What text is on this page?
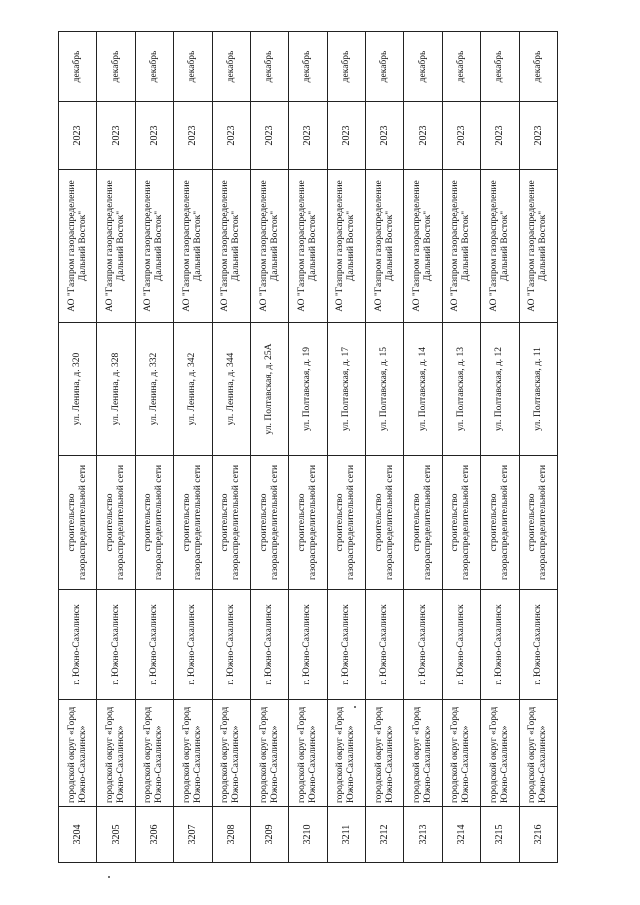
3204	городской округ «Город Южно-Сахалинск»	г. Южно-Сахалинск	строительство газораспределительной сети	ул. Ленина, д. 320	АО "Газпром газораспределение Дальний Восток"	2023	декабрь
3205	городской округ «Город Южно-Сахалинск»	г. Южно-Сахалинск	строительство газораспределительной сети	ул. Ленина, д. 328	АО "Газпром газораспределение Дальний Восток"	2023	декабрь
3206	городской округ «Город Южно-Сахалинск»	г. Южно-Сахалинск	строительство газораспределительной сети	ул. Ленина, д. 332	АО "Газпром газораспределение Дальний Восток"	2023	декабрь
3207	городской округ «Город Южно-Сахалинск»	г. Южно-Сахалинск	строительство газораспределительной сети	ул. Ленина, д. 342	АО "Газпром газораспределение Дальний Восток"	2023	декабрь
3208	городской округ «Город Южно-Сахалинск»	г. Южно-Сахалинск	строительство газораспределительной сети	ул. Ленина, д. 344	АО "Газпром газораспределение Дальний Восток"	2023	декабрь
3209	городской округ «Город Южно-Сахалинск»	г. Южно-Сахалинск	строительство газораспределительной сети	ул. Полтавская, д. 25А	АО "Газпром газораспределение Дальний Восток"	2023	декабрь
3210	городской округ «Город Южно-Сахалинск»	г. Южно-Сахалинск	строительство газораспределительной сети	ул. Полтавская, д. 19	АО "Газпром газораспределение Дальний Восток"	2023	декабрь
3211	городской округ «Город Южно-Сахалинск»	г. Южно-Сахалинск	строительство газораспределительной сети	ул. Полтавская, д. 17	АО "Газпром газораспределение Дальний Восток"	2023	декабрь
3212	городской округ «Город Южно-Сахалинск»	г. Южно-Сахалинск	строительство газораспределительной сети	ул. Полтавская, д. 15	АО "Газпром газораспределение Дальний Восток"	2023	декабрь
3213	городской округ «Город Южно-Сахалинск»	г. Южно-Сахалинск	строительство газораспределительной сети	ул. Полтавская, д. 14	АО "Газпром газораспределение Дальний Восток"	2023	декабрь
3214	городской округ «Город Южно-Сахалинск»	г. Южно-Сахалинск	строительство газораспределительной сети	ул. Полтавская, д. 13	АО "Газпром газораспределение Дальний Восток"	2023	декабрь
3215	городской округ «Город Южно-Сахалинск»	г. Южно-Сахалинск	строительство газораспределительной сети	ул. Полтавская, д. 12	АО "Газпром газораспределение Дальний Восток"	2023	декабрь
3216	городской округ «Город Южно-Сахалинск»	г. Южно-Сахалинск	строительство газораспределительной сети	ул. Полтавская, д. 11	АО "Газпром газораспределение Дальний Восток"	2023	декабрь
